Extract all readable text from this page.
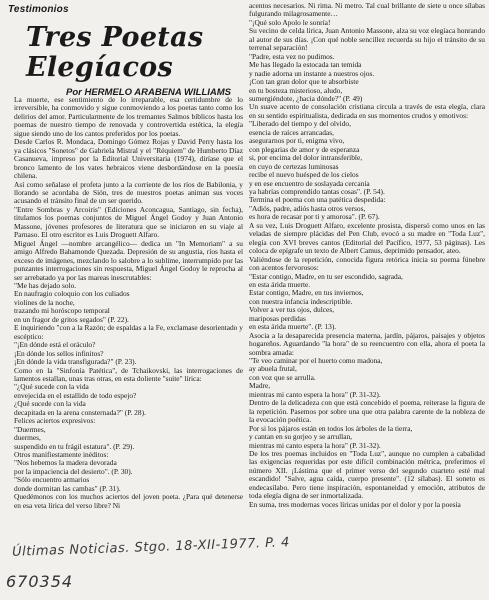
Testimonios
Tres Poetas Elegíacos
Por HERMELO ARABENA WILLIAMS
La muerte, ese sentimiento de lo irreparable, esa certidumbre de lo irreversible, ha conmovido y sigue conmoviendo a los poetas tanto como los delirios del amor. Particularmente de los tremantes Salmos bíblicos hasta los poemas de nuestro tiempo de renovada y controvertida estética, la elegía sigue siendo uno de los cantos preferidos por los poetas.
Desde Carlos R. Mondaca, Domingo Gómez Rojas y David Perry hasta los ya clásicos "Sonetos" de Gabriela Mistral y el "Réquiem" de Humberto Díaz Casanueva, impreso por la Editorial Universitaria (1974), diríase que el bronco lamento de los vates hebraicos viene desbordándose en la poesía chilena.
Así como señalase el profeta junto a la corriente de los ríos de Babilonia, y llorando se acordaba de Sión, tres de nuestros poetas animan sus voces acusando el tránsito final de un ser querido.
"Entre Sombras y Arcoiris" (Ediciones Aconcagua, Santiago, sin fecha), titulamos los poemas conjuntos de Miguel Ángel Godoy y Juan Antonio Massone, jóvenes profesores de literatura que se iniciaron en su viaje al Parnaso. El otro escritor es Luis Droguett Alfaro.
Miguel Ángel —nombre arcangélico— dedica un "In Memoriam" a su amigo Alfredo Bahamonde Quezada. Depresión de su angustia, ríos hasta el exceso de imágenes, mezclando lo salobre a lo sublime, interrumpido por las punzantes interrogaciones sin respuesta, Miguel Ángel Godoy le reprocha al ser arrebatado ya por las mareas inescrutables:
"Me has dejado solo.
En naufragio coloquio con los culiados
violines de la noche,
trazando mi horóscopo temporal
en un fragor de gritos segados" (P. 22).
E inquiriendo "con a la Razón; de espaldas a la Fe, exclamase desorientado y escéptico:
"¡En dónde está el oráculo?
¡En dónde los sellos infinitos?
¡En dónde la vida transfigurada?" (P. 23).
Como en la "Sinfonía Patética", de Tchaikovski, las interrogaciones de lamentos estallan, unas tras otras, en esta doliente "suite" lírica:
"¿Qué sucede con la vida
envejecida en el estallido de todo espejo?
¿Qué sucede con la vida
decapitada en la arena consternada?" (P. 28).
Felices aciertos expresivos:
"Duermes,
duermes,
suspendido en tu frágil estatura". (P. 29).
Otros manifiestamente inéditos:
"Nos hebemos la madera devorada
por la impaciencia del desierto". (P. 30).
"Sólo encuentro armarios
donde dormitan las cambas" (P. 31).
Quedémonos con los muchos aciertos del joven poeta. ¿Para qué detenerse en esa veta lírica del verso libre? Ni
acentos necesarios. Ni rima. Ni metro. Tal cual brillante de siete u once sílabas fulgurando milagrosamente…
"¡Qué solo Apolo le sonría!
Su vecino de celda lírica, Juan Antonio Massone, alza su voz elegíaca honrando al autor de sus días. ¡Con qué noble sencillez recuerda su hijo el tránsito de su terrenal separación!
"Padre, esta vez no pudimos.
Me has llegado la estocada tan temida
y nadie adorna un instante a nuestros ojos.
¡Con tan gran dolor que te absorbiste
en tu bosteza misterioso, aludo,
sumergiéndote, ¿hacia dónde?" (P. 49)
Un suave acento de consolación cristiana circula a través de esta elegía, clara en su sentido espiritualista, dedicada en sus momentos crudos y emotivos:
"Liberado del tiempo y del olvido,
esencia de raíces arrancadas,
asegurarnos por ti, enigma vivo,
con plegarias de amor y de esperanza
si, por encima del dolor intransferible,
en cuyo de certezas luminosas
recibe el nuevo huésped de los cielos
y en ese encuentro de soslayada cercanía
ya habrías comprendido tantas cosas". (P. 54).
Termina el poema con una patética despedida:
"Adiós, padre, adiós hasta otros versos,
es hora de recasar por ti y amorosa". (P. 67).
A su vez, Luis Droguett Alfaro, excelente prosista, dispersó como unos en las veladas de siempre plácidas del Pen Club, evocó a su madre en "Toda Luz", elegía con XVI breves cantos (Editorial del Pacífico, 1977, 53 páginas). Les coloca de epígrafe un texto de Albert Camus, deprimido pensador, ateo.
Valiéndose de la repetición, conocida figura retórica inicia su poema fúnebre con acentos fervorosos:
"Estar contigo, Madre, en tu ser escondido, sagrada,
en esta árida muerte.
Estar contigo, Madre, en tus inviernos,
con nuestra infancia indescriptible.
Volver a ver tus ojos, dulces,
mariposas perdidas
en esta árida muerte". (P. 13).
Asocia a la desaparecida presencia materna, jardín, pájaros, paisajes y objetos hogareños. Aguardando "la hora" de su reencuentro con ella, ahora el poeta la sombra amada:
"Te veo caminar por el huerto como madona,
ay abuela frutal,
con voz que se arrulla.
Madre,
mientras mi canto espera la hora" (P. 31-32).
Dentro de la delicadeza con que está concebido el poema, reiterase la figura de la repetición. Pasemos por sobre una que otra palabra carente de la nobleza de la evocación poética.
Por si los pájaros están en todos los árboles de la tierra,
y cantan en su gorjeo y se arrullan,
mientras mi canto espera la hora" (P. 31-32).
De los tres poemas incluidos en "Toda Luz", aunque no cumplen a cabalidad las exigencias requeridas por este difícil combinación métrica, preferimos el número XII. ¡Lástima que el primer verso del segundo cuarteto esté mal escandido! "Salve, agua caída, cuerpo presente". (12 sílabas). El soneto es endecasílabo. Pero tiene inspiración, espontaneidad y emoción, atributos de toda elegía digna de ser inmortalizada.
En suma, tres modernas voces líricas unidas por el dolor y por la poesía
Últimas Noticias. Stgo. 18-XII-1977. P. 4
670354
